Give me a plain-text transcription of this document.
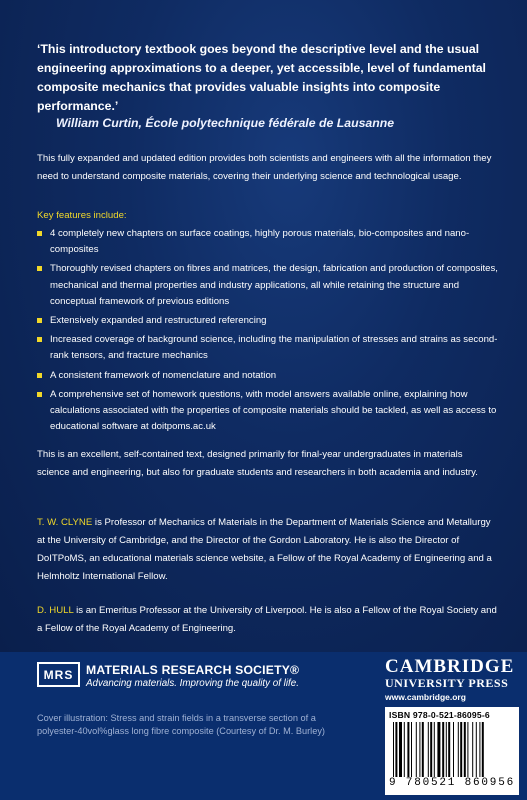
‘This introductory textbook goes beyond the descriptive level and the usual engineering approximations to a deeper, yet accessible, level of fundamental composite mechanics that provides valuable insights into composite performance.’
William Curtin, École polytechnique fédérale de Lausanne
This fully expanded and updated edition provides both scientists and engineers with all the information they need to understand composite materials, covering their underlying science and technological usage.
Key features include:
4 completely new chapters on surface coatings, highly porous materials, bio-composites and nano-composites
Thoroughly revised chapters on fibres and matrices, the design, fabrication and production of composites, mechanical and thermal properties and industry applications, all while retaining the structure and conceptual framework of previous editions
Extensively expanded and restructured referencing
Increased coverage of background science, including the manipulation of stresses and strains as second-rank tensors, and fracture mechanics
A consistent framework of nomenclature and notation
A comprehensive set of homework questions, with model answers available online, explaining how calculations associated with the properties of composite materials should be tackled, as well as access to educational software at doitpoms.ac.uk
This is an excellent, self-contained text, designed primarily for final-year undergraduates in materials science and engineering, but also for graduate students and researchers in both academia and industry.
T. W. CLYNE is Professor of Mechanics of Materials in the Department of Materials Science and Metallurgy at the University of Cambridge, and the Director of the Gordon Laboratory. He is also the Director of DoITPoMS, an educational materials science website, a Fellow of the Royal Academy of Engineering and a Helmholtz International Fellow.
D. HULL is an Emeritus Professor at the University of Liverpool. He is also a Fellow of the Royal Society and a Fellow of the Royal Academy of Engineering.
MRS	MATERIALS RESEARCH SOCIETY®
Advancing materials. Improving the quality of life.
Cover illustration: Stress and strain fields in a transverse section of a polyester-40vol%glass long fibre composite (Courtesy of Dr. M. Burley)
CAMBRIDGE
UNIVERSITY PRESS
www.cambridge.org
ISBN 978-0-521-86095-6
9 780521 860956
